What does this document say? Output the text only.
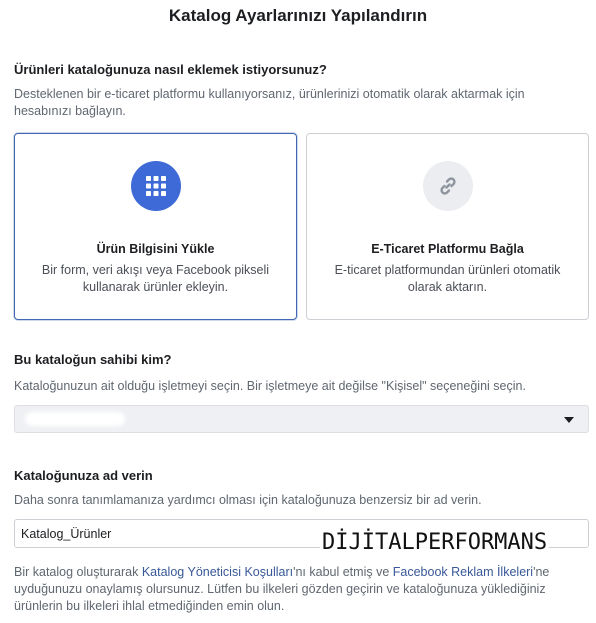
Katalog Ayarlarınızı Yapılandırın
Ürünleri kataloğunuza nasıl eklemek istiyorsunuz?
Desteklenen bir e-ticaret platformu kullanıyorsanız, ürünlerinizi otomatik olarak aktarmak için hesabınızı bağlayın.
Ürün Bilgisini Yükle
Bir form, veri akışı veya Facebook pikseli kullanarak ürünler ekleyin.
E-Ticaret Platformu Bağla
E-ticaret platformundan ürünleri otomatik olarak aktarın.
Bu kataloğun sahibi kim?
Kataloğunuzun ait olduğu işletmeyi seçin. Bir işletmeye ait değilse "Kişisel" seçeneğini seçin.
Kataloğunuza ad verin
Daha sonra tanımlamanıza yardımcı olması için kataloğunuza benzersiz bir ad verin.
Katalog_Ürünler
DİJİTALPERFORMANS
Bir katalog oluşturarak Katalog Yöneticisi Koşulları'nı kabul etmiş ve Facebook Reklam İlkeleri'ne uyduğunuzu onaylamış olursunuz. Lütfen bu ilkeleri gözden geçirin ve kataloğunuza yüklediğiniz ürünlerin bu ilkeleri ihlal etmediğinden emin olun.
